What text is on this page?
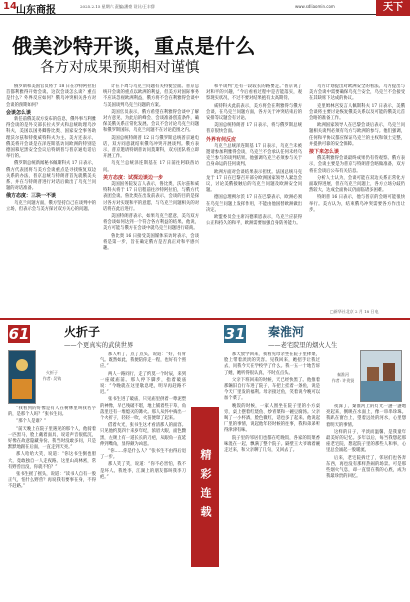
14 山东商报	2025.2.15 星期六 责编/潘豪 设计/王丰辞	www.sdliaomin.com	天下
俄美沙特开谈，重点是什么
各方对成果预期相对谨慎

俄罗斯和美国官员将于 18 日在沙特阿拉伯首都利雅得开始会谈。这次会谈怎么谈？重点是什么？外界反应如何？俄乌冲突相关各方对会谈的预期如何？

会谈怎么谈

新任前俄美双方发布的信息，俄外事与利雅得会谈的是外交部长拉夫罗夫和总统助理乌沙科夫，美国以国务卿鲁比奥、国家安全事务助理沃尔兹和特使威特科夫为主。美方还表示，俄美将开会谈是在泽连斯基访问欧洲的特别是德国慕尼黑安全会议后特朗普与普京通电话后举行的。

俄罗斯总统新闻秘书佩斯科夫 17 日表示，俄方代表团将与美方会谈重点是寻找恢复双边关系的办法，普京总统与特朗普首先就俄美关系、并在与特朗普进行对话后做出了乌克兰问题的对话准备。

俄方态度：三块一不谈

乌克兰问题方面，俄方坚持自己在谈判中的立场，但表示会与美方探讨双方关心的问题。

计在下周与乌克兰问题有关特使会面。普京总统开会谈的重点以欧洲的利益，但美方对国际事务不应该忽视欧洲利益，俄方将不会在利雅得会谈中与美国谈判乌克兰问题的方案。

美国官员表示，俄方希望在利雅得会谈中了解对方意见，为此后的峰会、会谈准备创造条件，确保美俄关系正常化发展。会议不会讨论乌克兰问题和俄罗斯国际，乌克兰问题不在讨论范围之内。

美国总统特朗普 12 日与俄罗斯总统普京通电话，双方同意就结束俄乌冲突开展谈判。俄方表示，普京邀请特朗普访问莫斯科，双方团队将立即开展工作。

乌克兰总统泽连斯基在 17 日前往阿联酋访问。

美方态度：试探边谈边一步

美国国务院发言人表示，鲁比奥、沃尔兹和威特科夫将于 17 日启程前往沙特阿拉伯，与俄方代表团会谈。鲁比奥在出发前表示，会谈的目的是探讨各方对实现和平的意愿，与乌克兰问题相关的对话将在此后进行。

美国特朗普表示，如果乌克兰愿意，美乌双方将会谈如何达到一个符合各方利益的结果。他说，美方可能与俄方在会谈中就乌克兰问题进行磋商。

鲁比奥 16 日接受美国媒体采访时表示，会谈将是第一步，旨在确定俄方是否真正对和平感兴趣。

和平谈判”还有一段较长的路要走。”普京说了对和平的兴趣，“今后看看过程中是否能落实，观察现实状况，不过不要对结果抱有太高期待。

威特科夫此前表示，美方将会在利雅得与俄方会谈，在乌克兰问题方面，各方关于冲突结束后的安排等议题会有讨论。

美国总统特朗普 17 日表示，将与俄罗斯总统普京很快会面。

外界有何反应

乌克兰总统泽连斯基 17 日表示，乌克兰未被邀请参加利雅得会谈，乌克兰不会承认任何未经乌克兰参与的谈判结果。他强调乌克兰必须参与关于自身命运的任何谈判。

欧洲方面对会谈结果表示担忧。法国总统马克龙于 17 日在巴黎召开部分欧洲国家领导人紧急会议，讨论美俄接触后的乌克兰问题及欧洲安全问题。

德国总理朔尔茨 17 日在巴黎表示，欧洲必须在乌克兰问题上发挥作用，不能由他国替欧洲做出决定。

欧盟委员会主席冯德莱恩表示，乌克兰应获得公正和持久的和平，欧洲需要加强自身防务能力。

乌方计划提出对欧洲安全的看法。乌方提出与美方会谈中需要确保乌克兰安全，乌克兰不会接受在其缺席下达成的协议。

克里姆林宫发言人佩斯科夫 17 日表示，美俄会谈将主要讨论恢复俄美关系以及可能的俄美元首会晤的准备工作。

欧洲国家领导人在巴黎会谈后表示，乌克兰问题相关谈判必须有乌方与欧洲的参与。他们强调，任何和平协议都应保证乌克兰的主权和领土完整，并提供可靠的安全保障。

接下来怎么谈

俄美利雅得会谈最终成果仍有待观察。俄方表示，会谈主要是为普京与特朗普会晤做准备，双方将在会谈后公布有关信息。

分析人士认为，会谈可能在双边关系正常化方面取得进展，但在乌克兰问题上，各方立场分歧仍然较大，达成全面协议仍面临诸多困难。

特朗普 16 日表示，他与普京的会晤可能很快举行。美方认为，结束俄乌冲突需要各方作出让步。

□新华社北京 2 月 18 日电
61	火折子
——个更真实的武侠世界
火折子
作者: 吴钩

“我看到的好像是有人在树林里叫我名字的，是那个人吗？”张书生问。

“那个人是谁？”

“前天晚上在院子里遇见的那个人，他骑着一匹黑马，脸上戴着面具，说话声音很低沉，好像在故意隐藏身份。我当时没敢多问，只是默默地跟在后面，一直走到天亮。”

那人哈哈大笑，说道：“你这书生倒也胆大，竟敢独自一人走夜路。这里山高林密，常有野兽出没，你就不怕？”

张书生摇了摇头，说道：“读书人自有一股正气，怕什么野兽？再说我有要事在身，不得不赶路。”

那人听了，点了点头，说道：“好，有骨气。既然如此，我便陪你走一程，也好有个照应。”

两人一路同行，走了约莫一个时辰，来到一座破庙前。那人停下脚步，指着破庙说：“今晚就在这里歇息吧，明早再赶路不迟。”

张书生进了破庙，只见庙里供着一尊泥塑的神像，早已残破不堪，地上铺着些干草，角落里还有一堆熄灭的篝火。那人从怀中掏出一个火折子，轻轻一吹，火苗便窜了起来。

借着火光，张书生这才看清那人的面容。只见他约莫四十来岁年纪，浓眉大眼，面色黝黑，左颊上有一道长长的刀疤，从眼角一直延伸到嘴角，显得颇为凶恶。

“你……你是什么人？”张书生不由得后退了一步。

那人笑了笑，说道：“你不必害怕，我不是坏人。我姓李，江湖上的朋友都叫我李刀疤。”	精彩连载
31 秦淮河
——老宅院里的烟火人生
秦淮河
作者: 许贵贤

那天放学回来，我看见母亲坐在院子里择菜，脸上带着淡淡的笑容。见我回来，她招手让我过去，问我今天在学校学了什么。我一五一十地告诉了她，她听得很认真，不时点点头。

父亲下班回来的时候，天已经快黑了。他推着那辆旧自行车进了院子，车把上挂着一条鱼，说是今天厂里发的福利。母亲接过鱼，笑着说今晚可以加个菜了。

晚饭的时候，一家人围坐在院子里的小方桌旁，桌上摆着红烧鱼、炒青菜和一碗豆腐汤。父亲喝了一小杯酒，脸色微红，话也多了起来。他说起厂里的事情，说起他年轻时候的往事，我和弟弟听得津津有味。

院子里的邻居们也都在吃晚饭，各家的饭菜香味混在一起，飘满了整个院子。隔壁王大爷端着碗走过来，和父亲聊了几句，又回去了。

夜深了，秦淮河上的灯光一盏一盏地亮起来，倒映在水面上，像一串串珍珠。我趴在窗台上，望着远处的河水，心里想着明天的事情。

这样的日子，平淡而温馨，是我童年最美好的记忆。多年以后，每当我想起那座老宅院，想起院子里的那些人和事，心里总会涌起一股暖流。

后来，老宅院拆迁了，邻居们也各奔东西，再也没有那样热闹的场景。可是那些烟火气息，却一直留在我的心底，成为我最珍贵的回忆。
